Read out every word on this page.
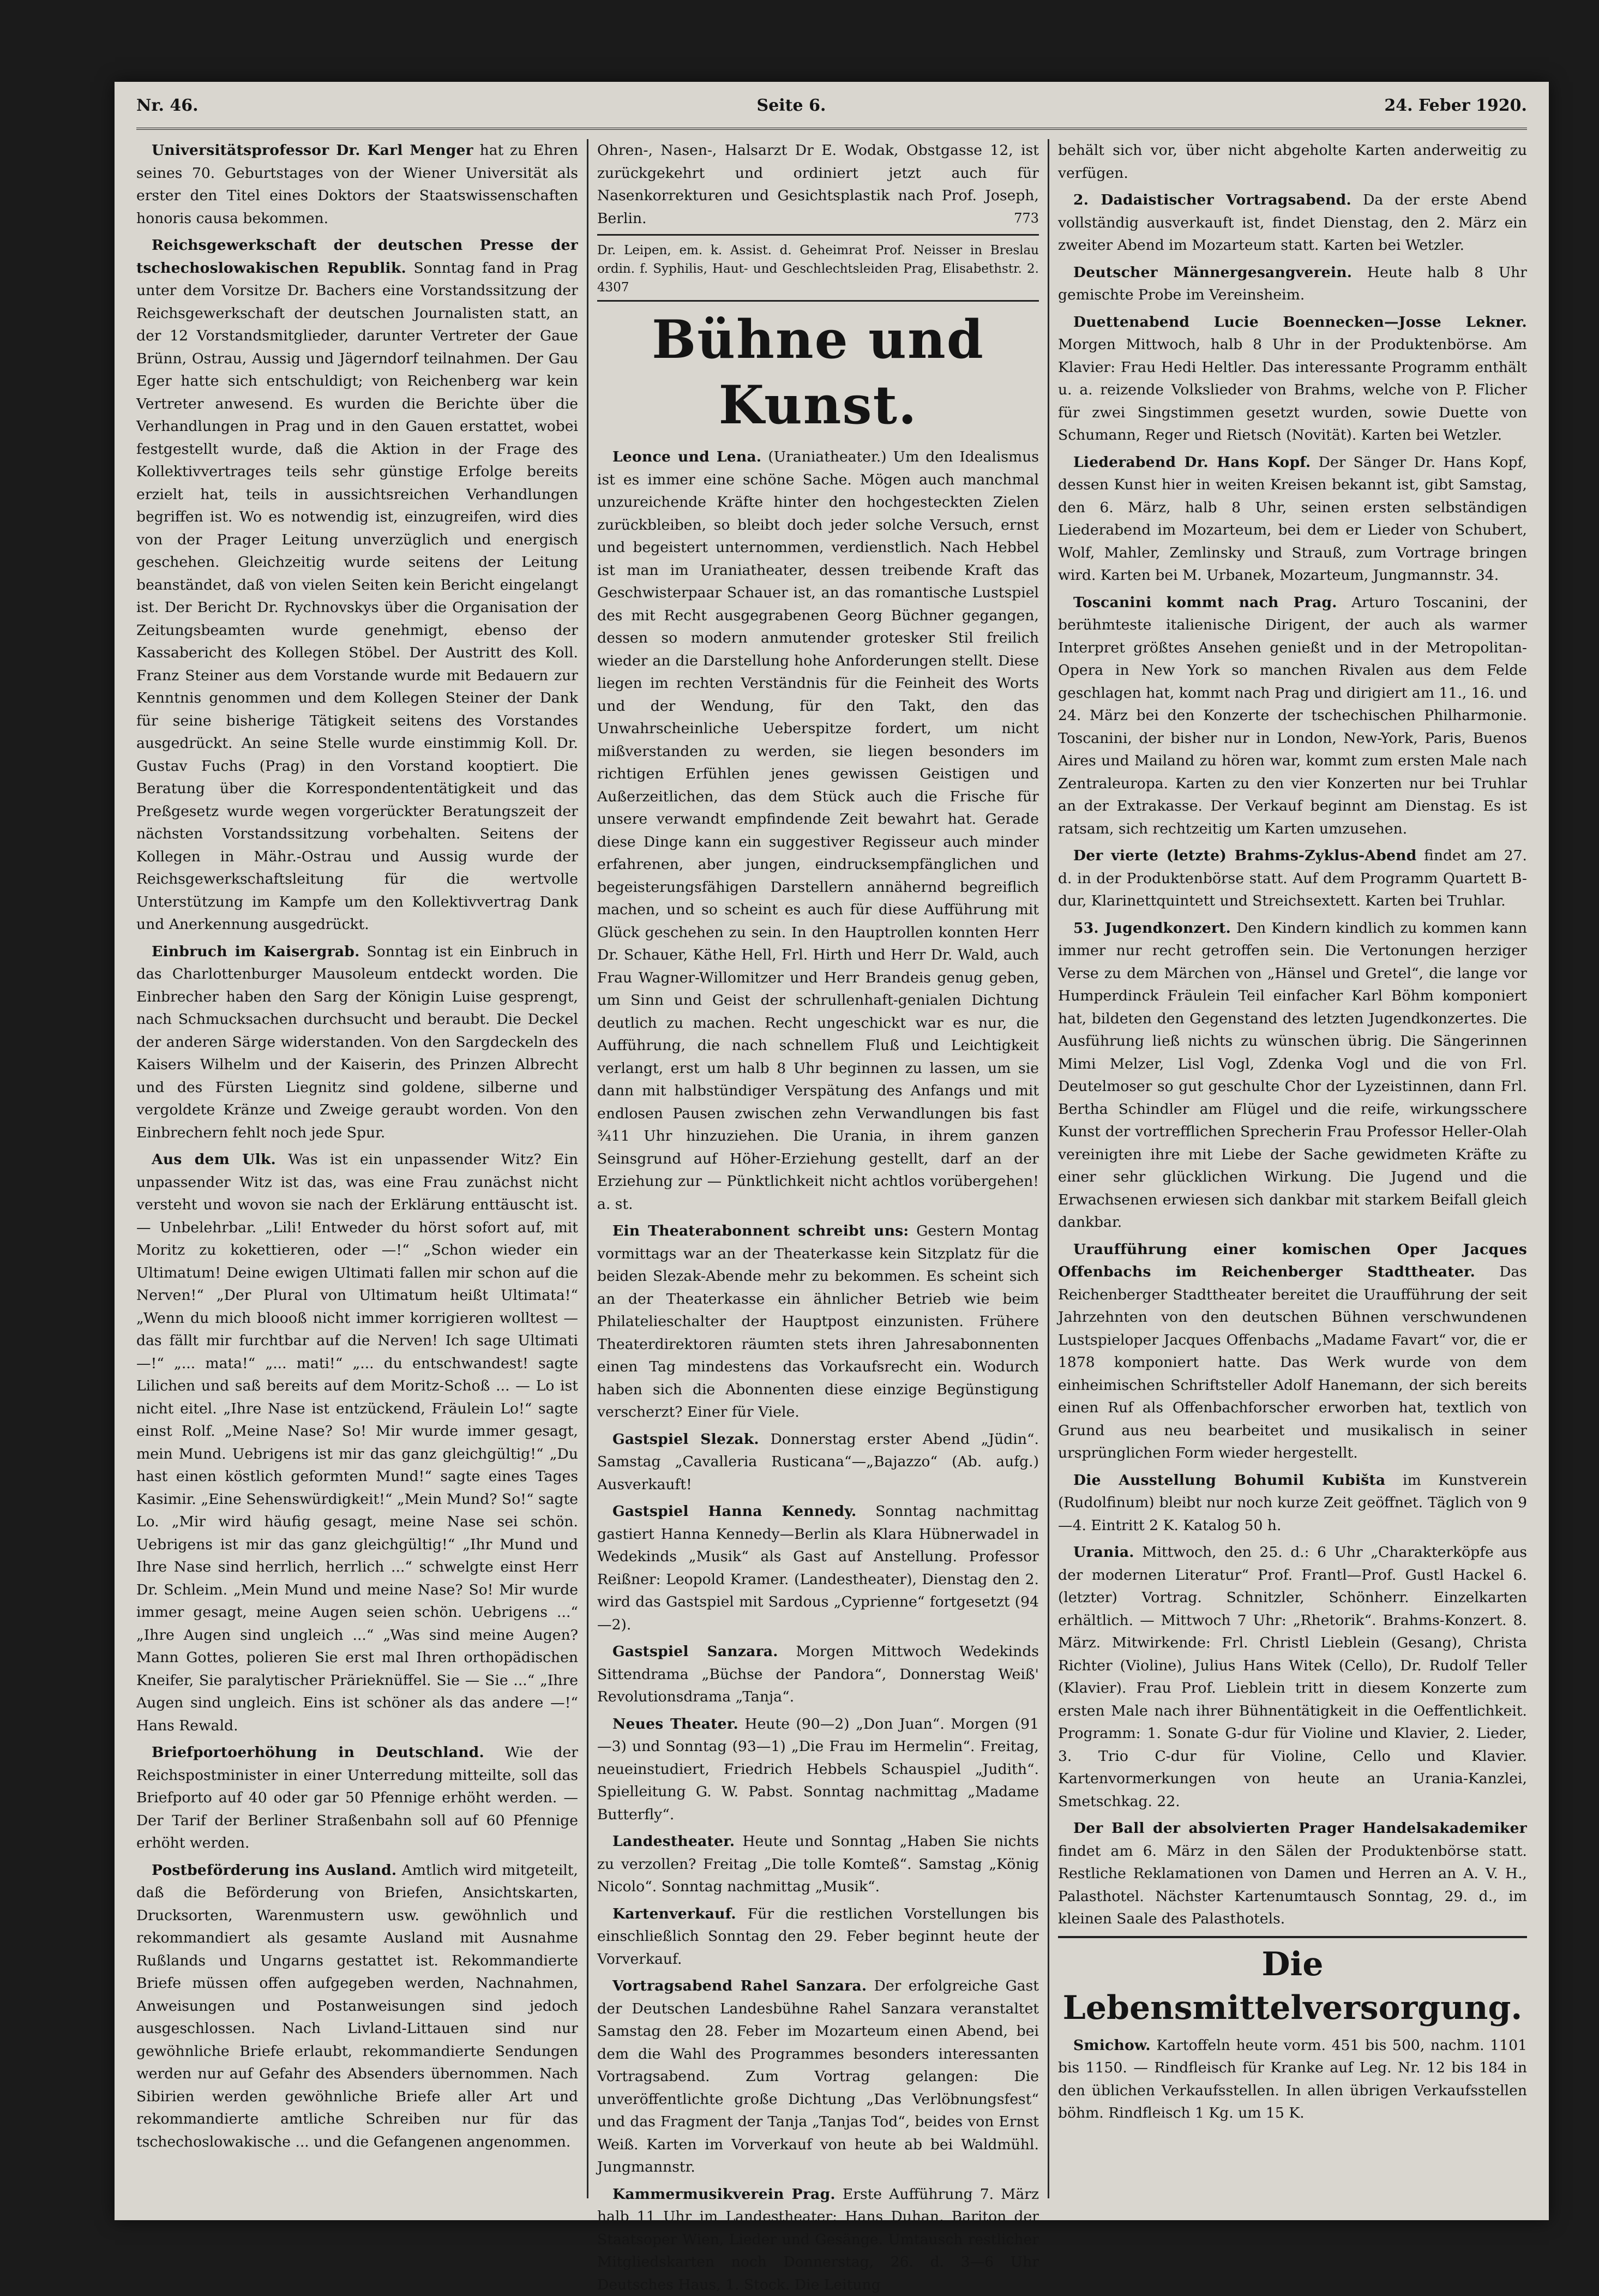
Nr. 46.	Seite 6.	24. Feber 1920.

Universitätsprofessor Dr. Karl Menger hat zu Ehren seines 70. Geburtstages von der Wiener Universität als erster den Titel eines Doktors der Staatswissenschaften honoris causa bekommen.

Reichsgewerkschaft der deutschen Presse der tschechoslowakischen Republik. Sonntag fand in Prag unter dem Vorsitze Dr. Bachers eine Vorstandssitzung der Reichsgewerkschaft der deutschen Journalisten statt, an der 12 Vorstandsmitglieder, darunter Vertreter der Gaue Brünn, Ostrau, Aussig und Jägerndorf teilnahmen. Der Gau Eger hatte sich entschuldigt; von Reichenberg war kein Vertreter anwesend. Es wurden die Berichte über die Verhandlungen in Prag und in den Gauen erstattet, wobei festgestellt wurde, daß die Aktion in der Frage des Kollektivvertrages teils sehr günstige Erfolge bereits erzielt hat, teils in aussichtsreichen Verhandlungen begriffen ist. Wo es notwendig ist, einzugreifen, wird dies von der Prager Leitung unverzüglich und energisch geschehen. Gleichzeitig wurde seitens der Leitung beanständet, daß von vielen Seiten kein Bericht eingelangt ist. Der Bericht Dr. Rychnovskys über die Organisation der Zeitungsbeamten wurde genehmigt, ebenso der Kassabericht des Kollegen Stöbel. Der Austritt des Koll. Franz Steiner aus dem Vorstande wurde mit Bedauern zur Kenntnis genommen und dem Kollegen Steiner der Dank für seine bisherige Tätigkeit seitens des Vorstandes ausgedrückt. An seine Stelle wurde einstimmig Koll. Dr. Gustav Fuchs (Prag) in den Vorstand kooptiert. Die Beratung über die Korrespondententätigkeit und das Preßgesetz wurde wegen vorgerückter Beratungszeit der nächsten Vorstandssitzung vorbehalten. Seitens der Kollegen in Mähr.-Ostrau und Aussig wurde der Reichsgewerkschaftsleitung für die wertvolle Unterstützung im Kampfe um den Kollektivvertrag Dank und Anerkennung ausgedrückt.

Einbruch im Kaisergrab. Sonntag ist ein Einbruch in das Charlottenburger Mausoleum entdeckt worden. Die Einbrecher haben den Sarg der Königin Luise gesprengt, nach Schmucksachen durchsucht und beraubt. Die Deckel der anderen Särge widerstanden. Von den Sargdeckeln des Kaisers Wilhelm und der Kaiserin, des Prinzen Albrecht und des Fürsten Liegnitz sind goldene, silberne und vergoldete Kränze und Zweige geraubt worden. Von den Einbrechern fehlt noch jede Spur.

Aus dem Ulk. Was ist ein unpassender Witz? Ein unpassender Witz ist das, was eine Frau zunächst nicht versteht und wovon sie nach der Erklärung enttäuscht ist. — Unbelehrbar. „Lili! Entweder du hörst sofort auf, mit Moritz zu kokettieren, oder —!“ „Schon wieder ein Ultimatum! Deine ewigen Ultimati fallen mir schon auf die Nerven!“ „Der Plural von Ultimatum heißt Ultimata!“ „Wenn du mich bloooß nicht immer korrigieren wolltest — das fällt mir furchtbar auf die Nerven! Ich sage Ultimati —!“ „... mata!“ „... mati!“ „... du entschwandest! sagte Lilichen und saß bereits auf dem Moritz-Schoß ... — Lo ist nicht eitel. „Ihre Nase ist entzückend, Fräulein Lo!“ sagte einst Rolf. „Meine Nase? So! Mir wurde immer gesagt, mein Mund. Uebrigens ist mir das ganz gleichgültig!“ „Du hast einen köstlich geformten Mund!“ sagte eines Tages Kasimir. „Eine Sehenswürdigkeit!“ „Mein Mund? So!“ sagte Lo. „Mir wird häufig gesagt, meine Nase sei schön. Uebrigens ist mir das ganz gleichgültig!“ „Ihr Mund und Ihre Nase sind herrlich, herrlich ...“ schwelgte einst Herr Dr. Schleim. „Mein Mund und meine Nase? So! Mir wurde immer gesagt, meine Augen seien schön. Uebrigens ...“ „Ihre Augen sind ungleich ...“ „Was sind meine Augen? Mann Gottes, polieren Sie erst mal Ihren orthopädischen Kneifer, Sie paralytischer Prärieknüffel. Sie — Sie ...“ „Ihre Augen sind ungleich. Eins ist schöner als das andere —!“ Hans Rewald.

Briefportoerhöhung in Deutschland. Wie der Reichspostminister in einer Unterredung mitteilte, soll das Briefporto auf 40 oder gar 50 Pfennige erhöht werden. — Der Tarif der Berliner Straßenbahn soll auf 60 Pfennige erhöht werden.

Postbeförderung ins Ausland. Amtlich wird mitgeteilt, daß die Beförderung von Briefen, Ansichtskarten, Drucksorten, Warenmustern usw. gewöhnlich und rekommandiert als gesamte Ausland mit Ausnahme Rußlands und Ungarns gestattet ist. Rekommandierte Briefe müssen offen aufgegeben werden, Nachnahmen, Anweisungen und Postanweisungen sind jedoch ausgeschlossen. Nach Livland-Littauen sind nur gewöhnliche Briefe erlaubt, rekommandierte Sendungen werden nur auf Gefahr des Absenders übernommen. Nach Sibirien werden gewöhnliche Briefe aller Art und rekommandierte amtliche Schreiben nur für das tschechoslowakische ... und die Gefangenen angenommen.

Ohren-, Nasen-, Halsarzt Dr E. Wodak, Obstgasse 12, ist zurückgekehrt und ordiniert jetzt auch für Nasenkorrekturen und Gesichtsplastik nach Prof. Joseph, Berlin.	773

Dr. Leipen, em. k. Assist. d. Geheimrat Prof. Neisser in Breslau ordin. f. Syphilis, Haut- und Geschlechtsleiden Prag, Elisabethstr. 2. 4307

Bühne und Kunst.

Leonce und Lena. (Uraniatheater.) Um den Idealismus ist es immer eine schöne Sache. Mögen auch manchmal unzureichende Kräfte hinter den hochgesteckten Zielen zurückbleiben, so bleibt doch jeder solche Versuch, ernst und begeistert unternommen, verdienstlich. Nach Hebbel ist man im Uraniatheater, dessen treibende Kraft das Geschwisterpaar Schauer ist, an das romantische Lustspiel des mit Recht ausgegrabenen Georg Büchner gegangen, dessen so modern anmutender grotesker Stil freilich wieder an die Darstellung hohe Anforderungen stellt. Diese liegen im rechten Verständnis für die Feinheit des Worts und der Wendung, für den Takt, den das Unwahrscheinliche Ueberspitze fordert, um nicht mißverstanden zu werden, sie liegen besonders im richtigen Erfühlen jenes gewissen Geistigen und Außerzeitlichen, das dem Stück auch die Frische für unsere verwandt empfindende Zeit bewahrt hat. Gerade diese Dinge kann ein suggestiver Regisseur auch minder erfahrenen, aber jungen, eindrucksempfänglichen und begeisterungsfähigen Darstellern annähernd begreiflich machen, und so scheint es auch für diese Aufführung mit Glück geschehen zu sein. In den Hauptrollen konnten Herr Dr. Schauer, Käthe Hell, Frl. Hirth und Herr Dr. Wald, auch Frau Wagner-Willomitzer und Herr Brandeis genug geben, um Sinn und Geist der schrullenhaft-genialen Dichtung deutlich zu machen. Recht ungeschickt war es nur, die Aufführung, die nach schnellem Fluß und Leichtigkeit verlangt, erst um halb 8 Uhr beginnen zu lassen, um sie dann mit halbstündiger Verspätung des Anfangs und mit endlosen Pausen zwischen zehn Verwandlungen bis fast ¾11 Uhr hinzuziehen. Die Urania, in ihrem ganzen Seinsgrund auf Höher-Erziehung gestellt, darf an der Erziehung zur — Pünktlichkeit nicht achtlos vorübergehen! a. st.

Ein Theaterabonnent schreibt uns: Gestern Montag vormittags war an der Theaterkasse kein Sitzplatz für die beiden Slezak-Abende mehr zu bekommen. Es scheint sich an der Theaterkasse ein ähnlicher Betrieb wie beim Philatelieschalter der Hauptpost einzunisten. Frühere Theaterdirektoren räumten stets ihren Jahresabonnenten einen Tag mindestens das Vorkaufsrecht ein. Wodurch haben sich die Abonnenten diese einzige Begünstigung verscherzt? Einer für Viele.

Gastspiel Slezak. Donnerstag erster Abend „Jüdin“. Samstag „Cavalleria Rusticana“—„Bajazzo“ (Ab. aufg.) Ausverkauft!

Gastspiel Hanna Kennedy. Sonntag nachmittag gastiert Hanna Kennedy—Berlin als Klara Hübnerwadel in Wedekinds „Musik“ als Gast auf Anstellung. Professor Reißner: Leopold Kramer. (Landestheater), Dienstag den 2. wird das Gastspiel mit Sardous „Cyprienne“ fortgesetzt (94—2).

Gastspiel Sanzara. Morgen Mittwoch Wedekinds Sittendrama „Büchse der Pandora“, Donnerstag Weiß' Revolutionsdrama „Tanja“.

Neues Theater. Heute (90—2) „Don Juan“. Morgen (91—3) und Sonntag (93—1) „Die Frau im Hermelin“. Freitag, neueinstudiert, Friedrich Hebbels Schauspiel „Judith“. Spielleitung G. W. Pabst. Sonntag nachmittag „Madame Butterfly“.

Landestheater. Heute und Sonntag „Haben Sie nichts zu verzollen? Freitag „Die tolle Komteß“. Samstag „König Nicolo“. Sonntag nachmittag „Musik“.

Kartenverkauf. Für die restlichen Vorstellungen bis einschließlich Sonntag den 29. Feber beginnt heute der Vorverkauf.

Vortragsabend Rahel Sanzara. Der erfolgreiche Gast der Deutschen Landesbühne Rahel Sanzara veranstaltet Samstag den 28. Feber im Mozarteum einen Abend, bei dem die Wahl des Programmes besonders interessanten Vortragsabend. Zum Vortrag gelangen: Die unveröffentlichte große Dichtung „Das Verlöbnungsfest“ und das Fragment der Tanja „Tanjas Tod“, beides von Ernst Weiß. Karten im Vorverkauf von heute ab bei Waldmühl. Jungmannstr.

Kammermusikverein Prag. Erste Aufführung 7. März halb 11 Uhr im Landestheater: Hans Duhan, Bariton der Staatsoper Wien, Lieder und Gesänge. Umtausch restlicher Mitgliedskarten noch Donnerstag, 26. d. 3—6 Uhr Deutsches Haus, 1. Stock. Die Leitung

behält sich vor, über nicht abgeholte Karten anderweitig zu verfügen.

2. Dadaistischer Vortragsabend. Da der erste Abend vollständig ausverkauft ist, findet Dienstag, den 2. März ein zweiter Abend im Mozarteum statt. Karten bei Wetzler.

Deutscher Männergesangverein. Heute halb 8 Uhr gemischte Probe im Vereinsheim.

Duettenabend Lucie Boennecken—Josse Lekner. Morgen Mittwoch, halb 8 Uhr in der Produktenbörse. Am Klavier: Frau Hedi Heltler. Das interessante Programm enthält u. a. reizende Volkslieder von Brahms, welche von P. Flicher für zwei Singstimmen gesetzt wurden, sowie Duette von Schumann, Reger und Rietsch (Novität). Karten bei Wetzler.

Liederabend Dr. Hans Kopf. Der Sänger Dr. Hans Kopf, dessen Kunst hier in weiten Kreisen bekannt ist, gibt Samstag, den 6. März, halb 8 Uhr, seinen ersten selbständigen Liederabend im Mozarteum, bei dem er Lieder von Schubert, Wolf, Mahler, Zemlinsky und Strauß, zum Vortrage bringen wird. Karten bei M. Urbanek, Mozarteum, Jungmannstr. 34.

Toscanini kommt nach Prag. Arturo Toscanini, der berühmteste italienische Dirigent, der auch als warmer Interpret größtes Ansehen genießt und in der Metropolitan-Opera in New York so manchen Rivalen aus dem Felde geschlagen hat, kommt nach Prag und dirigiert am 11., 16. und 24. März bei den Konzerte der tschechischen Philharmonie. Toscanini, der bisher nur in London, New-York, Paris, Buenos Aires und Mailand zu hören war, kommt zum ersten Male nach Zentraleuropa. Karten zu den vier Konzerten nur bei Truhlar an der Extrakasse. Der Verkauf beginnt am Dienstag. Es ist ratsam, sich rechtzeitig um Karten umzusehen.

Der vierte (letzte) Brahms-Zyklus-Abend findet am 27. d. in der Produktenbörse statt. Auf dem Programm Quartett B-dur, Klarinettquintett und Streichsextett. Karten bei Truhlar.

53. Jugendkonzert. Den Kindern kindlich zu kommen kann immer nur recht getroffen sein. Die Vertonungen herziger Verse zu dem Märchen von „Hänsel und Gretel“, die lange vor Humperdinck Fräulein Teil einfacher Karl Böhm komponiert hat, bildeten den Gegenstand des letzten Jugendkonzertes. Die Ausführung ließ nichts zu wünschen übrig. Die Sängerinnen Mimi Melzer, Lisl Vogl, Zdenka Vogl und die von Frl. Deutelmoser so gut geschulte Chor der Lyzeistinnen, dann Frl. Bertha Schindler am Flügel und die reife, wirkungsschere Kunst der vortrefflichen Sprecherin Frau Professor Heller-Olah vereinigten ihre mit Liebe der Sache gewidmeten Kräfte zu einer sehr glücklichen Wirkung. Die Jugend und die Erwachsenen erwiesen sich dankbar mit starkem Beifall gleich dankbar.

Uraufführung einer komischen Oper Jacques Offenbachs im Reichenberger Stadttheater. Das Reichenberger Stadttheater bereitet die Uraufführung der seit Jahrzehnten von den deutschen Bühnen verschwundenen Lustspieloper Jacques Offenbachs „Madame Favart“ vor, die er 1878 komponiert hatte. Das Werk wurde von dem einheimischen Schriftsteller Adolf Hanemann, der sich bereits einen Ruf als Offenbachforscher erworben hat, textlich von Grund aus neu bearbeitet und musikalisch in seiner ursprünglichen Form wieder hergestellt.

Die Ausstellung Bohumil Kubišta im Kunstverein (Rudolfinum) bleibt nur noch kurze Zeit geöffnet. Täglich von 9—4. Eintritt 2 K. Katalog 50 h.

Urania. Mittwoch, den 25. d.: 6 Uhr „Charakterköpfe aus der modernen Literatur“ Prof. Frantl—Prof. Gustl Hackel 6. (letzter) Vortrag. Schnitzler, Schönherr. Einzelkarten erhältlich. — Mittwoch 7 Uhr: „Rhetorik“. Brahms-Konzert. 8. März. Mitwirkende: Frl. Christl Lieblein (Gesang), Christa Richter (Violine), Julius Hans Witek (Cello), Dr. Rudolf Teller (Klavier). Frau Prof. Lieblein tritt in diesem Konzerte zum ersten Male nach ihrer Bühnentätigkeit in die Oeffentlichkeit. Programm: 1. Sonate G-dur für Violine und Klavier, 2. Lieder, 3. Trio C-dur für Violine, Cello und Klavier. Kartenvormerkungen von heute an Urania-Kanzlei, Smetschkag. 22.

Der Ball der absolvierten Prager Handelsakademiker findet am 6. März in den Sälen der Produktenbörse statt. Restliche Reklamationen von Damen und Herren an A. V. H., Palasthotel. Nächster Kartenumtausch Sonntag, 29. d., im kleinen Saale des Palasthotels.

Die Lebensmittelversorgung.

Smichow. Kartoffeln heute vorm. 451 bis 500, nachm. 1101 bis 1150. — Rindfleisch für Kranke auf Leg. Nr. 12 bis 184 in den üblichen Verkaufsstellen. In allen übrigen Verkaufsstellen böhm. Rindfleisch 1 Kg. um 15 K.
